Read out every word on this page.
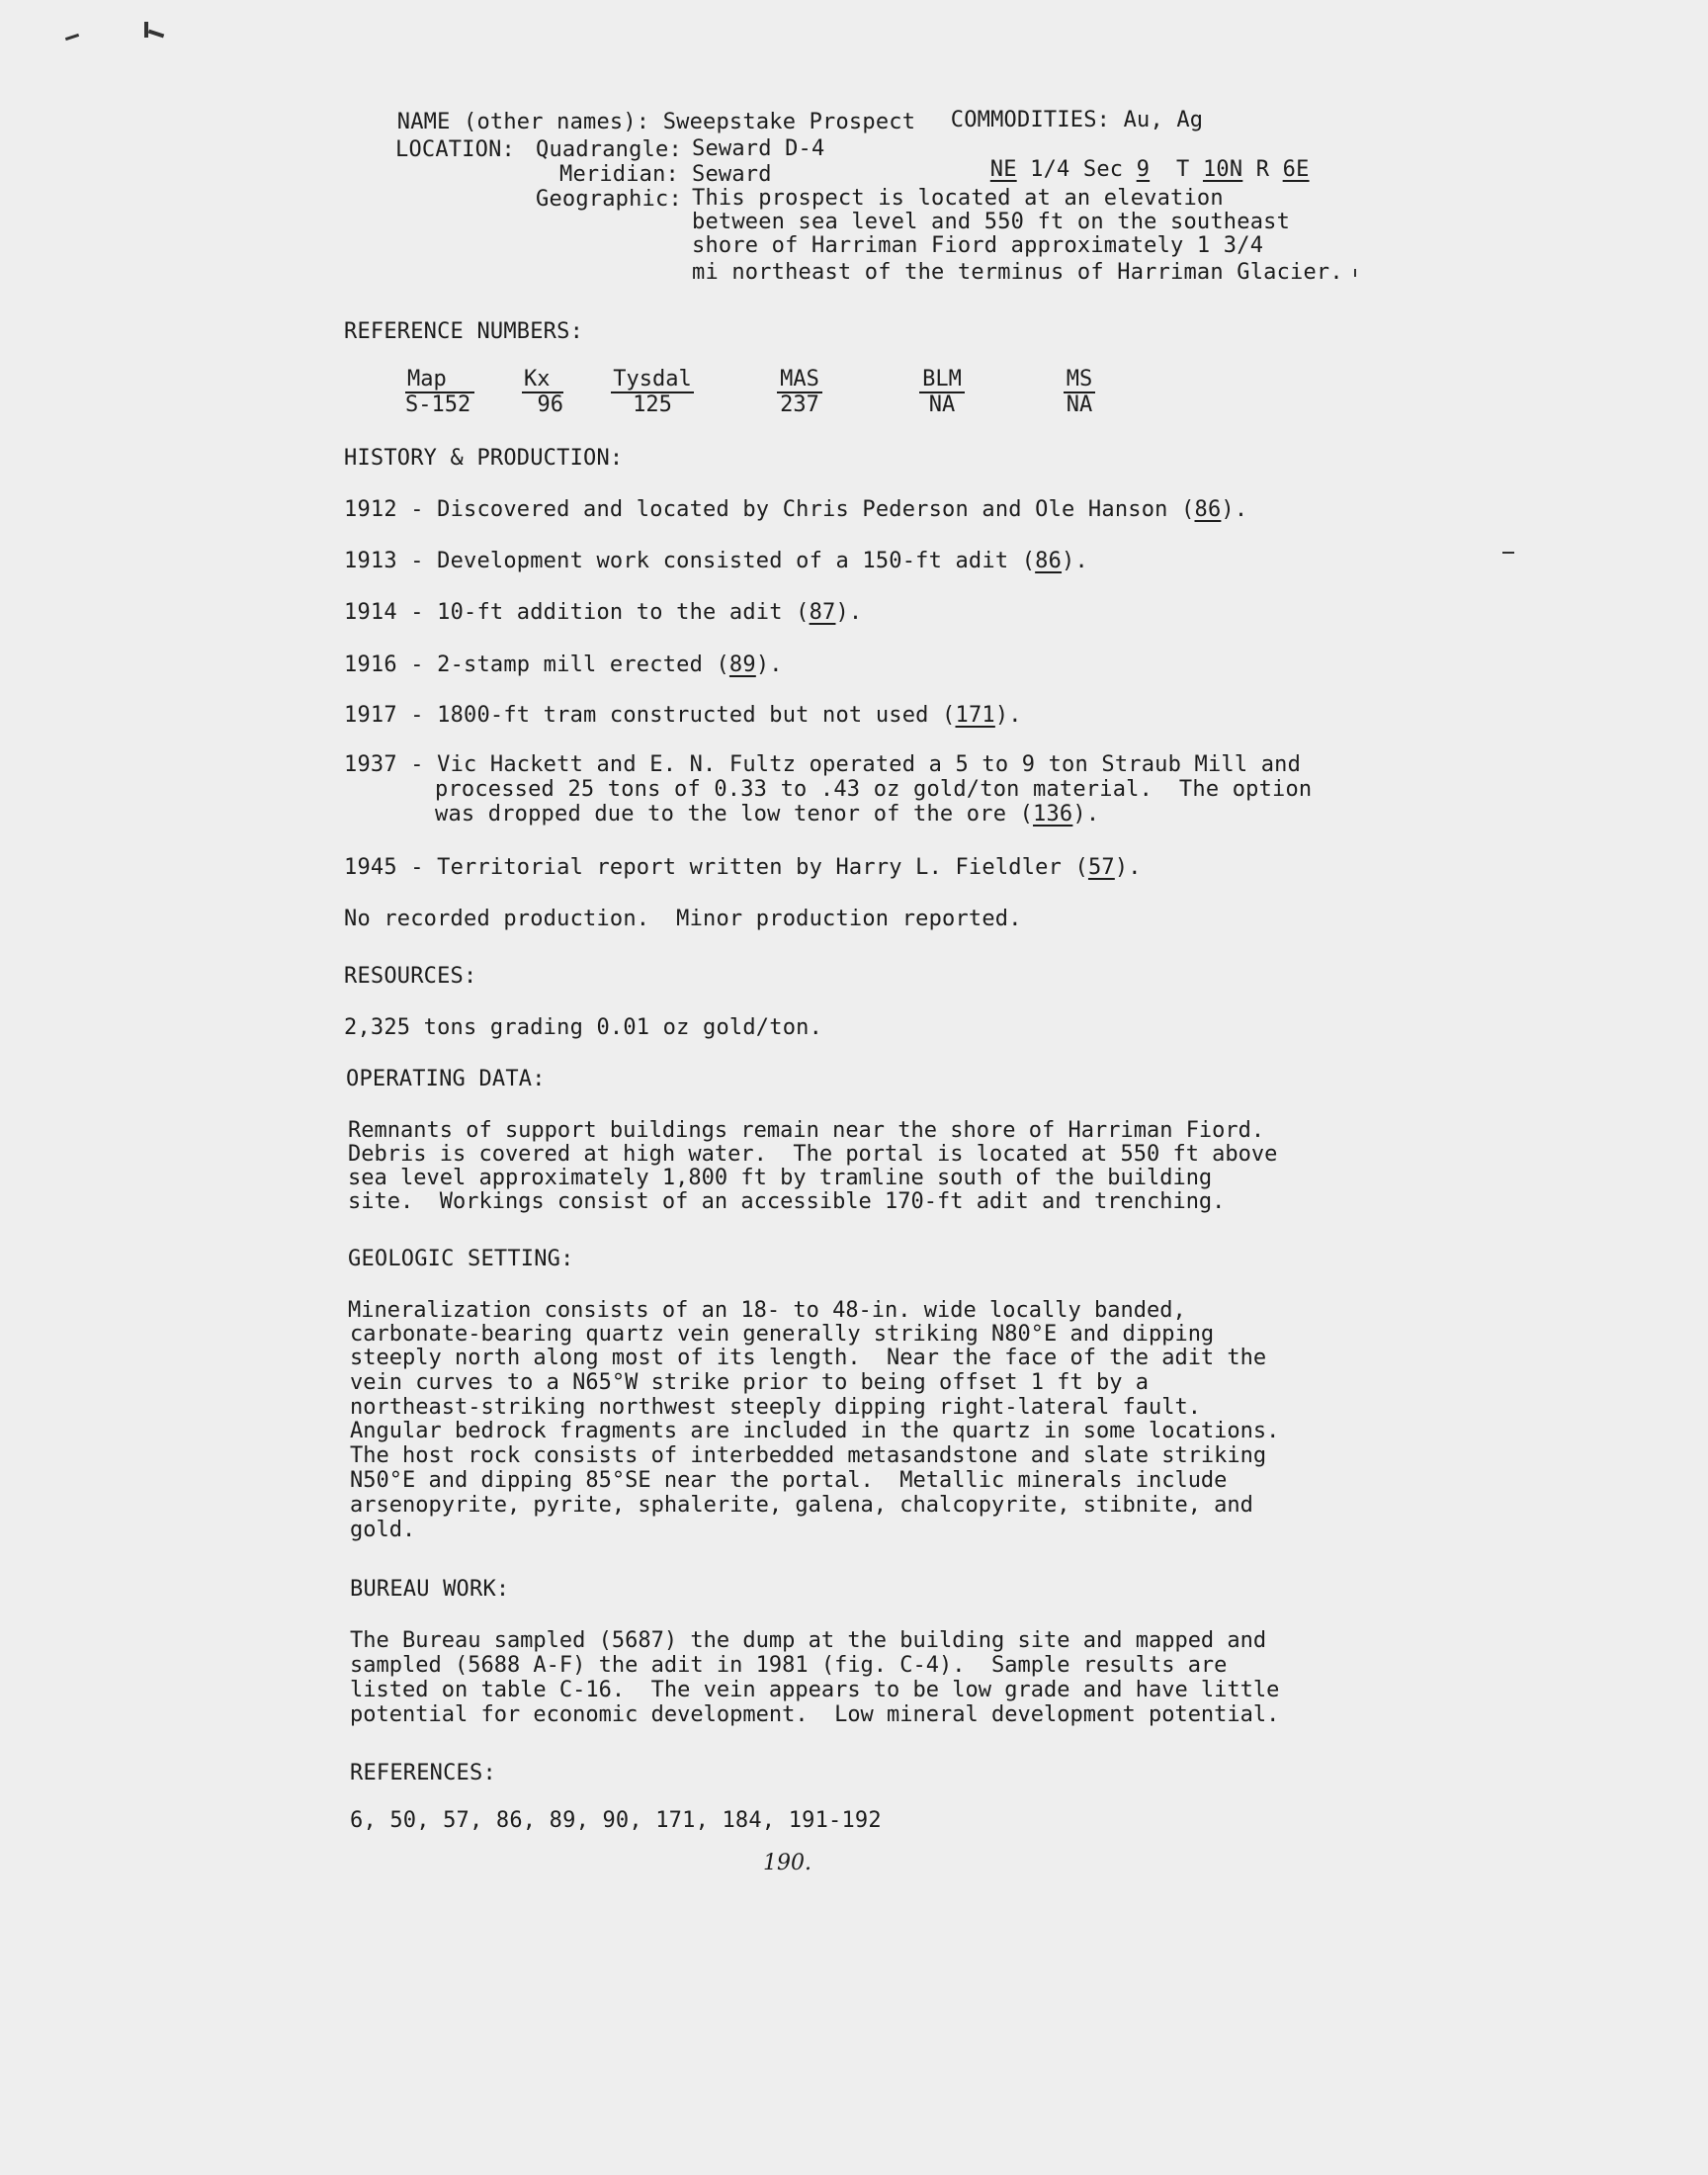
NAME (other names): Sweepstake Prospect
	COMMODITIES: Au, Ag

LOCATION: Quadrangle: Seward D-4

NE 1/4 Sec 9 T 10N R 6E

Meridian: Seward
Geographic: This prospect is located at an elevation
between sea level and 550 ft on the southeast
shore of Harriman Fiord approximately 1 3/4
mi northeast of the terminus of Harriman Glacier.
REFERENCE NUMBERS:
Map
S-152
Kx
96
Tysdal
125
MAS
237
BLM
NA
MS
NA
HISTORY & PRODUCTION:
1912 - Discovered and located by Chris Pederson and Ole Hanson (86).
1913 - Development work consisted of a 150-ft adit (86).
1914 - 10-ft addition to the adit (87).
1916 - 2-stamp mill erected (89).
1917 - 1800-ft tram constructed but not used (171).
1937 - Vic Hackett and E. N. Fultz operated a 5 to 9 ton Straub Mill and
processed 25 tons of 0.33 to .43 oz gold/ton material.  The option
was dropped due to the low tenor of the ore (136).
1945 - Territorial report written by Harry L. Fieldler (57).
No recorded production.  Minor production reported.
RESOURCES:
2,325 tons grading 0.01 oz gold/ton.
OPERATING DATA:
Remnants of support buildings remain near the shore of Harriman Fiord.
Debris is covered at high water.  The portal is located at 550 ft above
sea level approximately 1,800 ft by tramline south of the building
site.  Workings consist of an accessible 170-ft adit and trenching.
GEOLOGIC SETTING:
Mineralization consists of an 18- to 48-in. wide locally banded,
carbonate-bearing quartz vein generally striking N80°E and dipping
steeply north along most of its length.  Near the face of the adit the
vein curves to a N65°W strike prior to being offset 1 ft by a
northeast-striking northwest steeply dipping right-lateral fault.
Angular bedrock fragments are included in the quartz in some locations.
The host rock consists of interbedded metasandstone and slate striking
N50°E and dipping 85°SE near the portal.  Metallic minerals include
arsenopyrite, pyrite, sphalerite, galena, chalcopyrite, stibnite, and
gold.
BUREAU WORK:
The Bureau sampled (5687) the dump at the building site and mapped and
sampled (5688 A-F) the adit in 1981 (fig. C-4).  Sample results are
listed on table C-16.  The vein appears to be low grade and have little
potential for economic development.  Low mineral development potential.
REFERENCES:
6, 50, 57, 86, 89, 90, 171, 184, 191-192
190.
